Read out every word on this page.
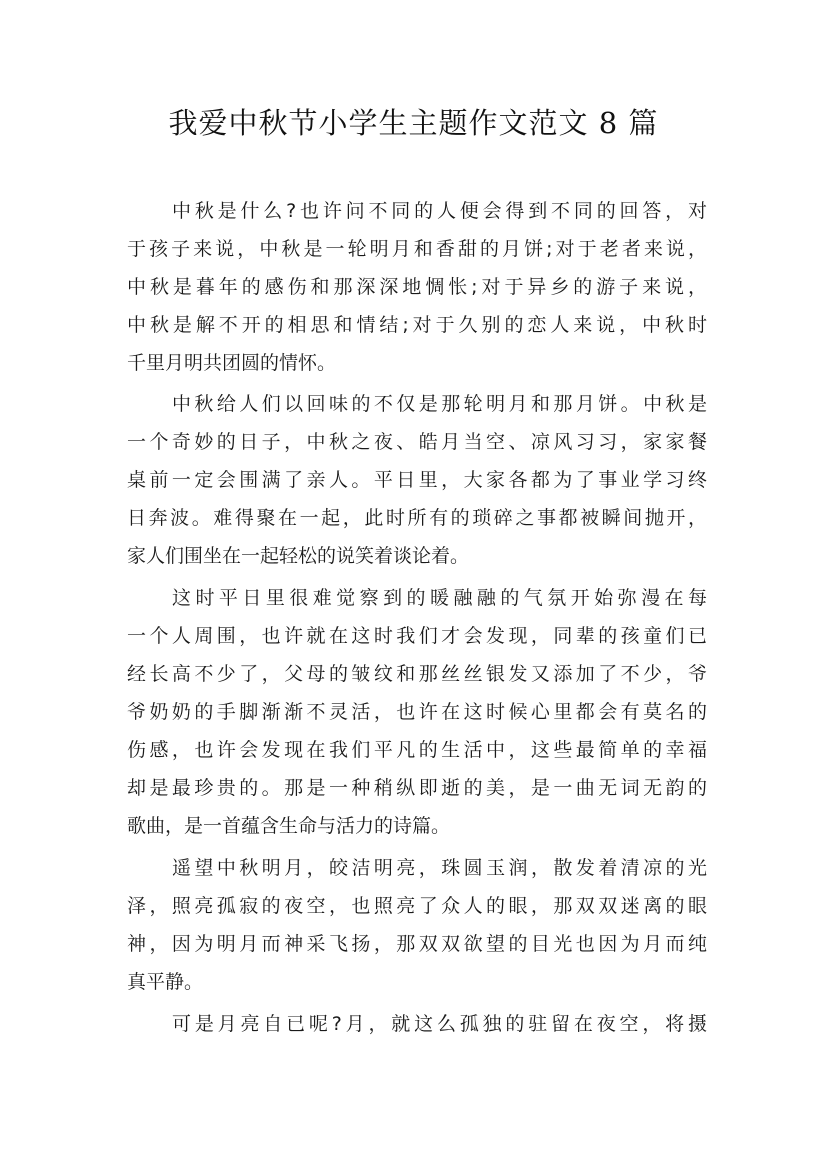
我爱中秋节小学生主题作文范文 8 篇
中秋是什么?也许问不同的人便会得到不同的回答，对
于孩子来说，中秋是一轮明月和香甜的月饼;对于老者来说，
中秋是暮年的感伤和那深深地惆怅;对于异乡的游子来说，
中秋是解不开的相思和情结;对于久别的恋人来说，中秋时
千里月明共团圆的情怀。
中秋给人们以回味的不仅是那轮明月和那月饼。中秋是
一个奇妙的日子，中秋之夜、皓月当空、凉风习习，家家餐
桌前一定会围满了亲人。平日里，大家各都为了事业学习终
日奔波。难得聚在一起，此时所有的琐碎之事都被瞬间抛开，
家人们围坐在一起轻松的说笑着谈论着。
这时平日里很难觉察到的暖融融的气氛开始弥漫在每
一个人周围，也许就在这时我们才会发现，同辈的孩童们已
经长高不少了，父母的皱纹和那丝丝银发又添加了不少，爷
爷奶奶的手脚渐渐不灵活，也许在这时候心里都会有莫名的
伤感，也许会发现在我们平凡的生活中，这些最简单的幸福
却是最珍贵的。那是一种稍纵即逝的美，是一曲无词无韵的
歌曲，是一首蕴含生命与活力的诗篇。
遥望中秋明月，皎洁明亮，珠圆玉润，散发着清凉的光
泽，照亮孤寂的夜空，也照亮了众人的眼，那双双迷离的眼
神，因为明月而神采飞扬，那双双欲望的目光也因为月而纯
真平静。
可是月亮自已呢?月，就这么孤独的驻留在夜空，将摄
